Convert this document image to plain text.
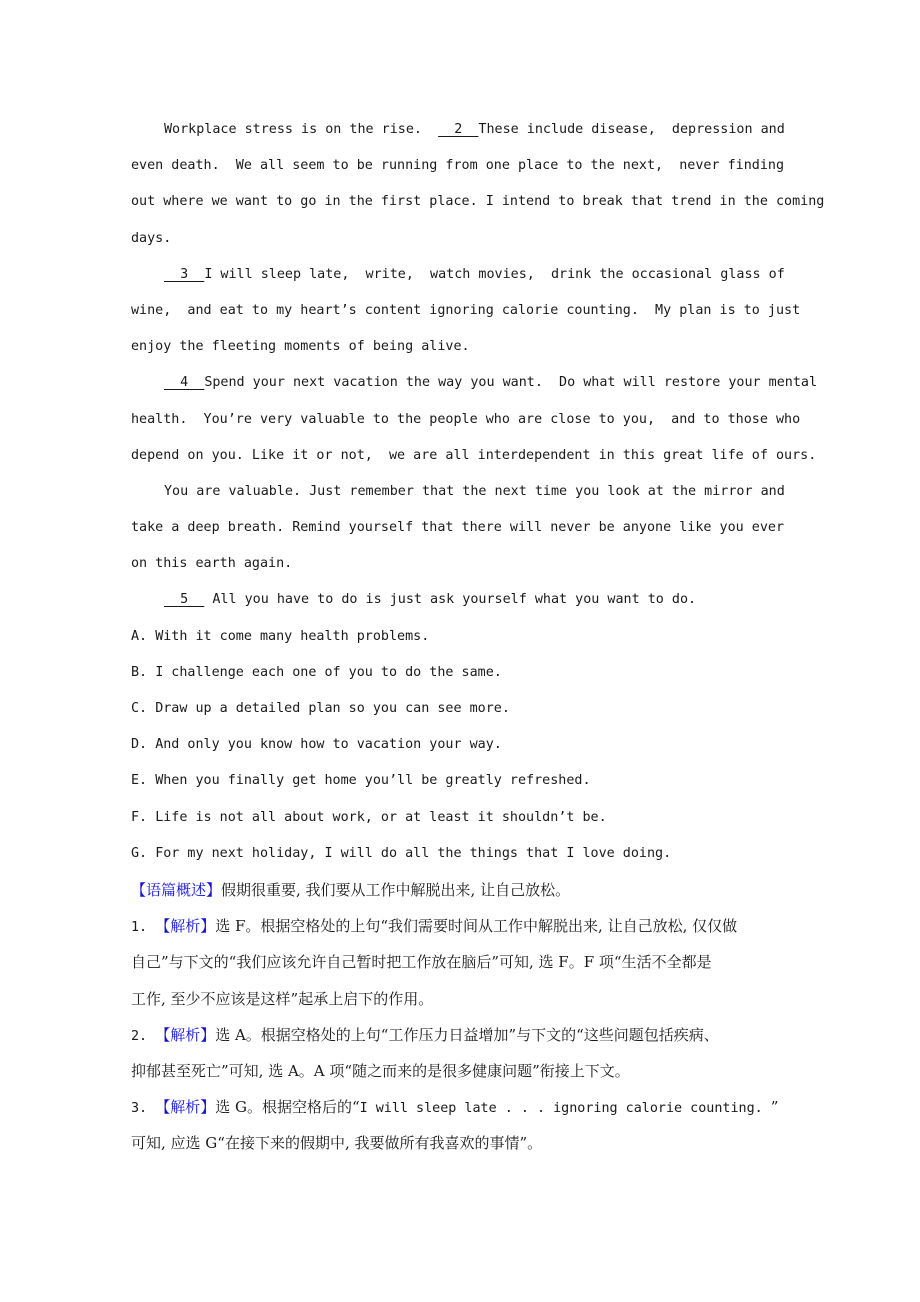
Workplace stress is on the rise.    2  These include disease,  depression and
even death.  We all seem to be running from one place to the next,  never finding
out where we want to go in the first place. I intend to break that trend in the coming
days.
3  I will sleep late,  write,  watch movies,  drink the occasional glass of
wine,  and eat to my heart’s content ignoring calorie counting.  My plan is to just
enjoy the fleeting moments of being alive.
4  Spend your next vacation the way you want.  Do what will restore your mental
health.  You’re very valuable to the people who are close to you,  and to those who
depend on you. Like it or not,  we are all interdependent in this great life of ours.
You are valuable. Just remember that the next time you look at the mirror and
take a deep breath. Remind yourself that there will never be anyone like you ever
on this earth again.
5   All you have to do is just ask yourself what you want to do.
A. With it come many health problems.
B. I challenge each one of you to do the same.
C. Draw up a detailed plan so you can see more.
D. And only you know how to vacation your way.
E. When you finally get home you’ll be greatly refreshed.
F. Life is not all about work, or at least it shouldn’t be.
G. For my next holiday, I will do all the things that I love doing.
【语篇概述】假期很重要, 我们要从工作中解脱出来, 让自己放松。
1. 【解析】选 F。根据空格处的上句“我们需要时间从工作中解脱出来, 让自己放松, 仅仅做
自己”与下文的“我们应该允许自己暂时把工作放在脑后”可知, 选 F。F 项“生活不全都是
工作, 至少不应该是这样”起承上启下的作用。
2. 【解析】选 A。根据空格处的上句“工作压力日益增加”与下文的“这些问题包括疾病、
抑郁甚至死亡”可知, 选 A。A 项“随之而来的是很多健康问题”衔接上下文。
3. 【解析】选 G。根据空格后的“I will sleep late . . . ignoring calorie counting. ”
可知, 应选 G“在接下来的假期中, 我要做所有我喜欢的事情”。
